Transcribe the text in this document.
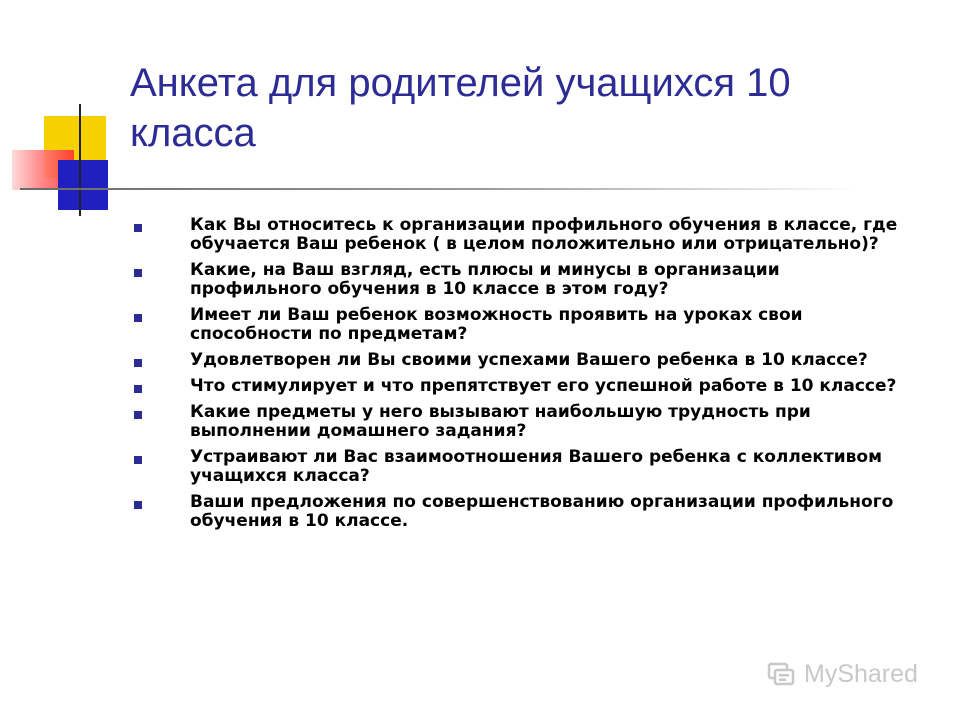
Анкета для родителей учащихся 10 класса
Как Вы относитесь к организации профильного обучения в классе, где обучается Ваш ребенок ( в целом положительно или отрицательно)?
Какие, на Ваш взгляд, есть плюсы и минусы в организации профильного обучения в 10 классе в этом году?
Имеет ли Ваш ребенок возможность проявить на уроках свои способности по предметам?
Удовлетворен ли Вы своими успехами Вашего ребенка в 10 классе?
Что стимулирует и что препятствует его успешной работе в 10 классе?
Какие предметы у него вызывают наибольшую трудность при выполнении домашнего задания?
Устраивают ли Вас взаимоотношения Вашего ребенка с коллективом учащихся класса?
Ваши предложения по совершенствованию организации профильного обучения в 10 классе.
MyShared
